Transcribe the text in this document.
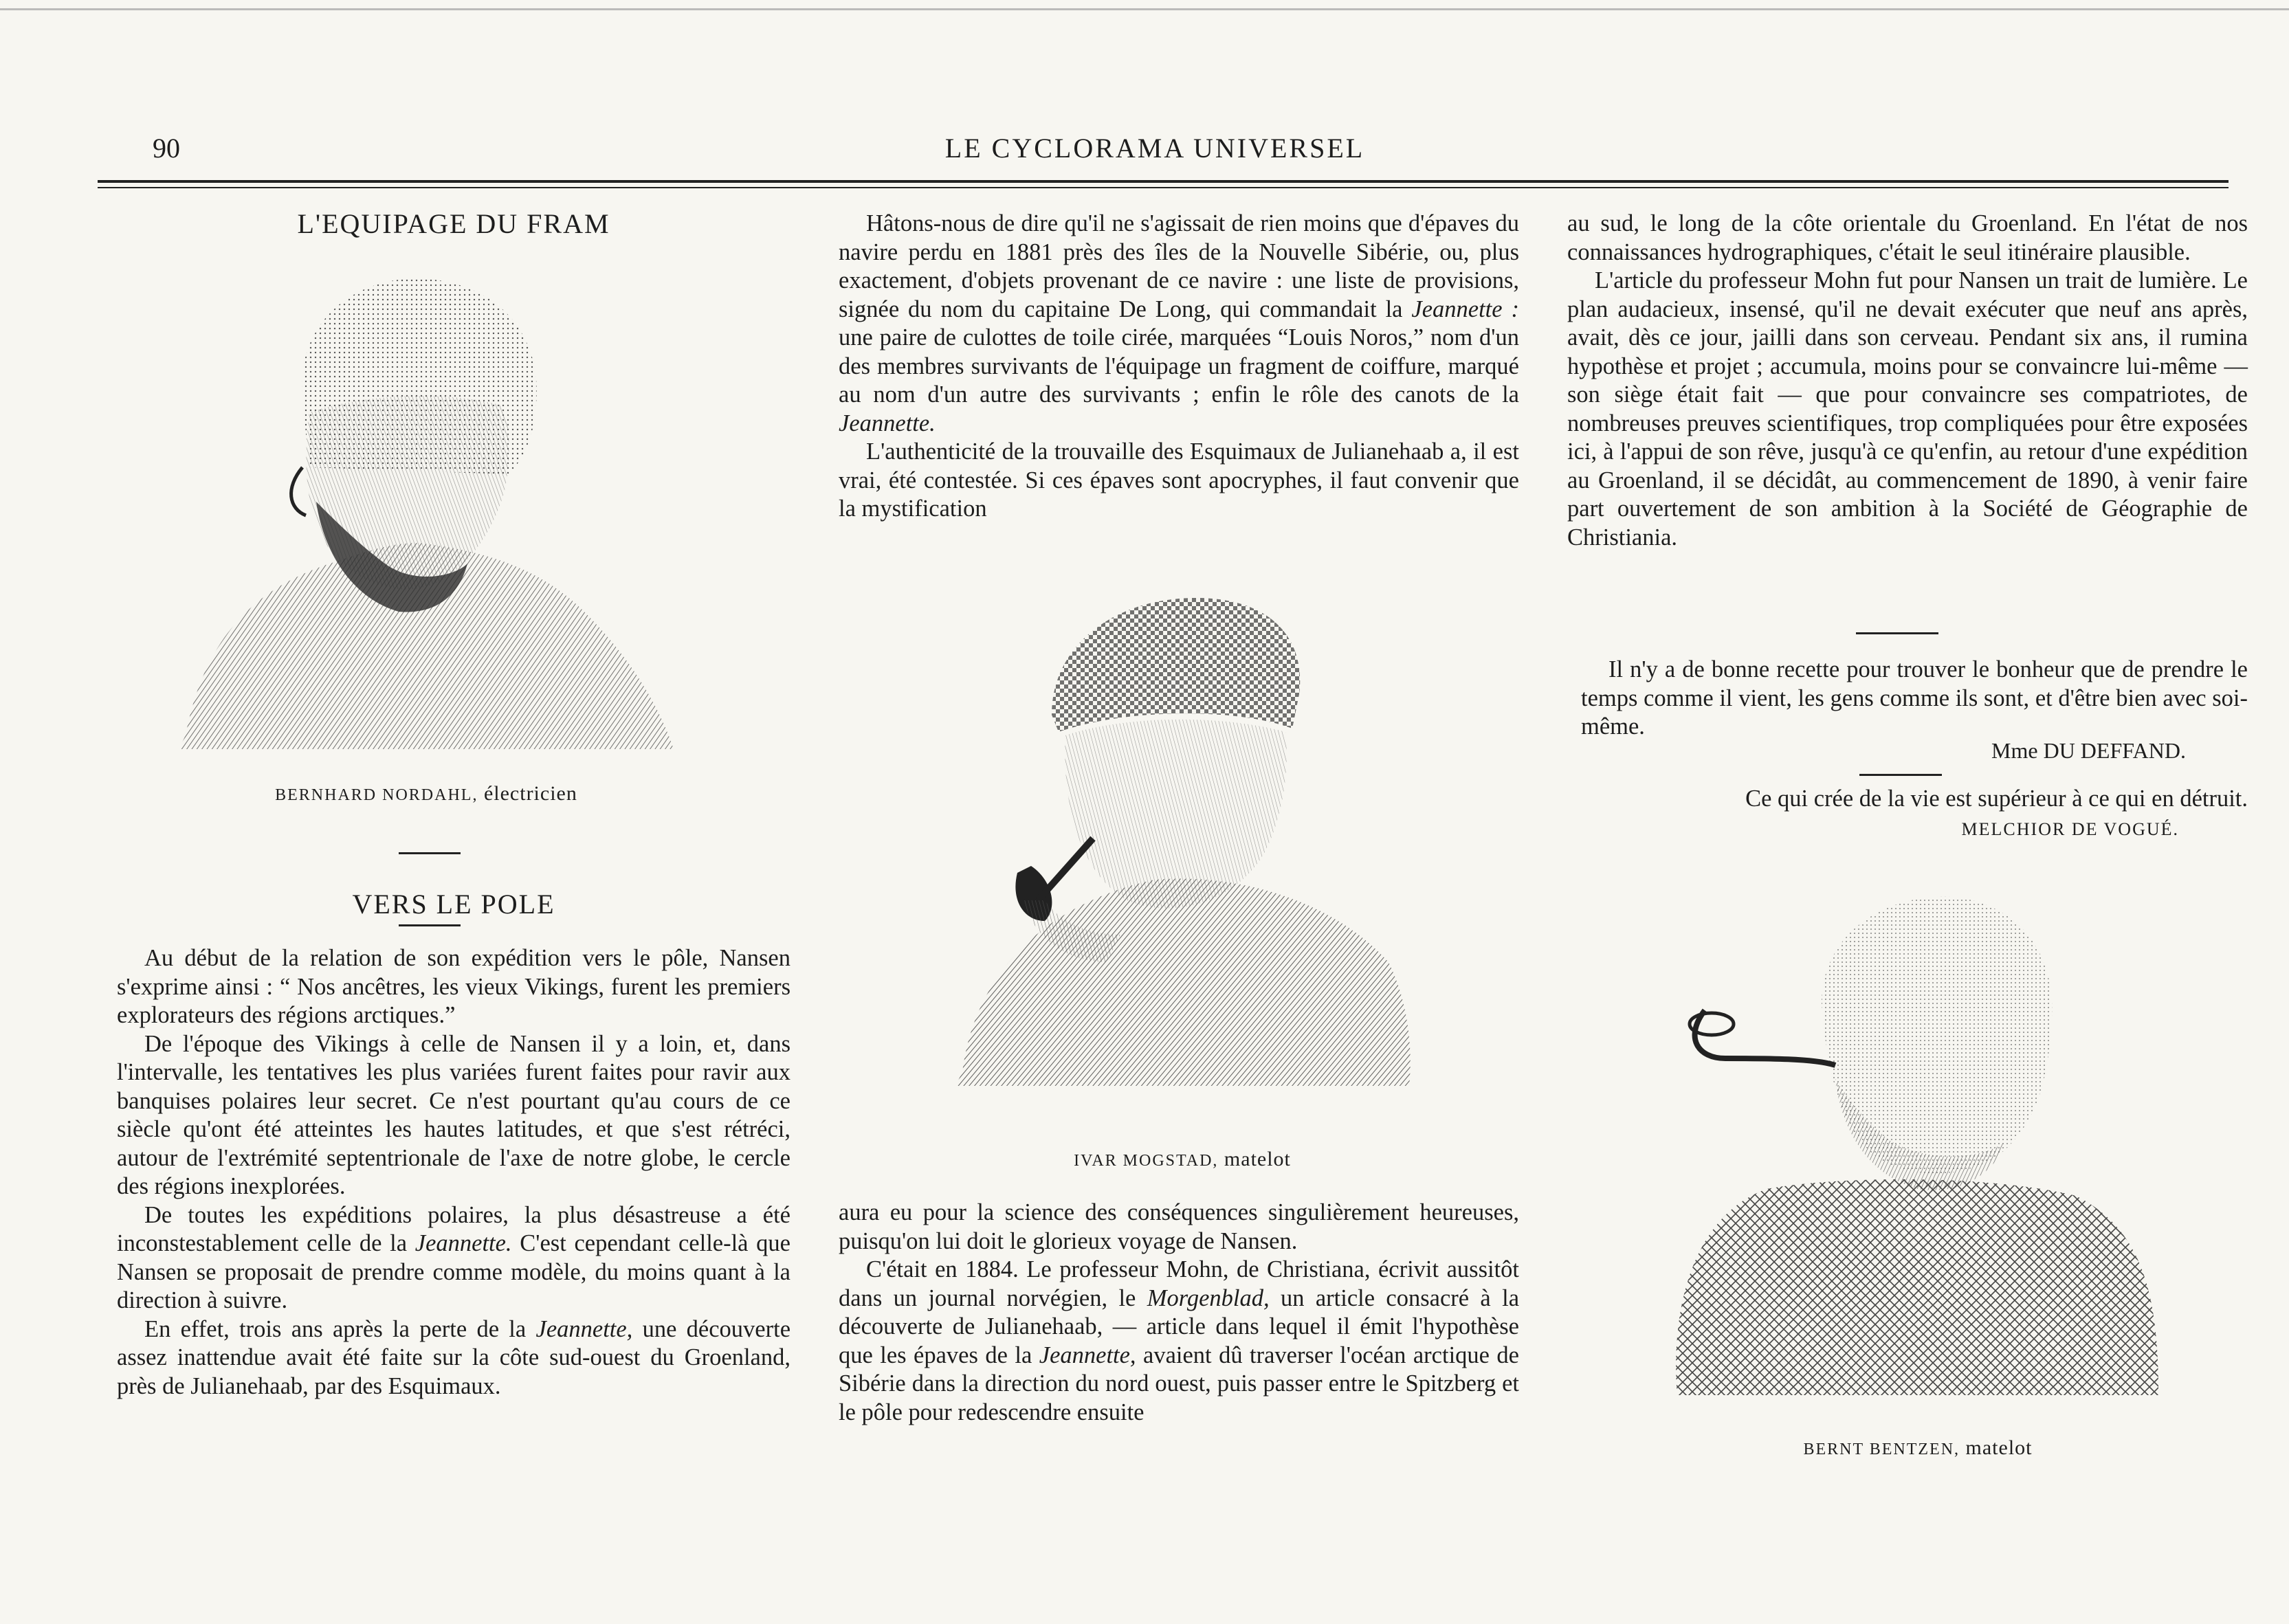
90	LE CYCLORAMA UNIVERSEL
L'EQUIPAGE DU FRAM
BERNHARD NORDAHL, électricien
VERS LE POLE

Au début de la relation de son expédition vers le pôle, Nansen s'exprime ainsi : “ Nos ancêtres, les vieux Vikings, furent les premiers explorateurs des régions arctiques.”

De l'époque des Vikings à celle de Nansen il y a loin, et, dans l'intervalle, les tentatives les plus variées furent faites pour ravir aux banquises polaires leur secret. Ce n'est pourtant qu'au cours de ce siècle qu'ont été atteintes les hautes latitudes, et que s'est rétréci, autour de l'extrémité septentrionale de l'axe de notre globe, le cercle des régions inexplorées.

De toutes les expéditions polaires, la plus désastreuse a été inconstestablement celle de la Jeannette. C'est cependant celle-là que Nansen se proposait de prendre comme modèle, du moins quant à la direction à suivre.

En effet, trois ans après la perte de la Jeannette, une découverte assez inattendue avait été faite sur la côte sud-ouest du Groenland, près de Julianehaab, par des Esquimaux.

Hâtons-nous de dire qu'il ne s'agissait de rien moins que d'épaves du navire perdu en 1881 près des îles de la Nouvelle Sibérie, ou, plus exactement, d'objets provenant de ce navire : une liste de provisions, signée du nom du capitaine De Long, qui commandait la Jeannette : une paire de culottes de toile cirée, marquées “Louis Noros,” nom d'un des membres survivants de l'équipage un fragment de coiffure, marqué au nom d'un autre des survivants ; enfin le rôle des canots de la Jeannette.

L'authenticité de la trouvaille des Esquimaux de Julianehaab a, il est vrai, été contestée. Si ces épaves sont apocryphes, il faut convenir que la mystification

IVAR MOGSTAD, matelot

aura eu pour la science des conséquences singulièrement heureuses, puisqu'on lui doit le glorieux voyage de Nansen.

C'était en 1884. Le professeur Mohn, de Christiana, écrivit aussitôt dans un journal norvégien, le Morgenblad, un article consacré à la découverte de Julianehaab, — article dans lequel il émit l'hypothèse que les épaves de la Jeannette, avaient dû traverser l'océan arctique de Sibérie dans la direction du nord ouest, puis passer entre le Spitzberg et le pôle pour redescendre ensuite

au sud, le long de la côte orientale du Groenland. En l'état de nos connaissances hydrographiques, c'était le seul itinéraire plausible.

L'article du professeur Mohn fut pour Nansen un trait de lumière. Le plan audacieux, insensé, qu'il ne devait exécuter que neuf ans après, avait, dès ce jour, jailli dans son cerveau. Pendant six ans, il rumina hypothèse et projet ; accumula, moins pour se convaincre lui-même — son siège était fait — que pour convaincre ses compatriotes, de nombreuses preuves scientifiques, trop compliquées pour être exposées ici, à l'appui de son rêve, jusqu'à ce qu'enfin, au retour d'une expédition au Groenland, il se décidât, au commencement de 1890, à venir faire part ouvertement de son ambition à la Société de Géographie de Christiania.

Il n'y a de bonne recette pour trouver le bonheur que de prendre le temps comme il vient, les gens comme ils sont, et d'être bien avec soi-même.
Mme DU DEFFAND.
Ce qui crée de la vie est supérieur à ce qui en détruit.
MELCHIOR DE VOGUÉ.
BERNT BENTZEN, matelot
